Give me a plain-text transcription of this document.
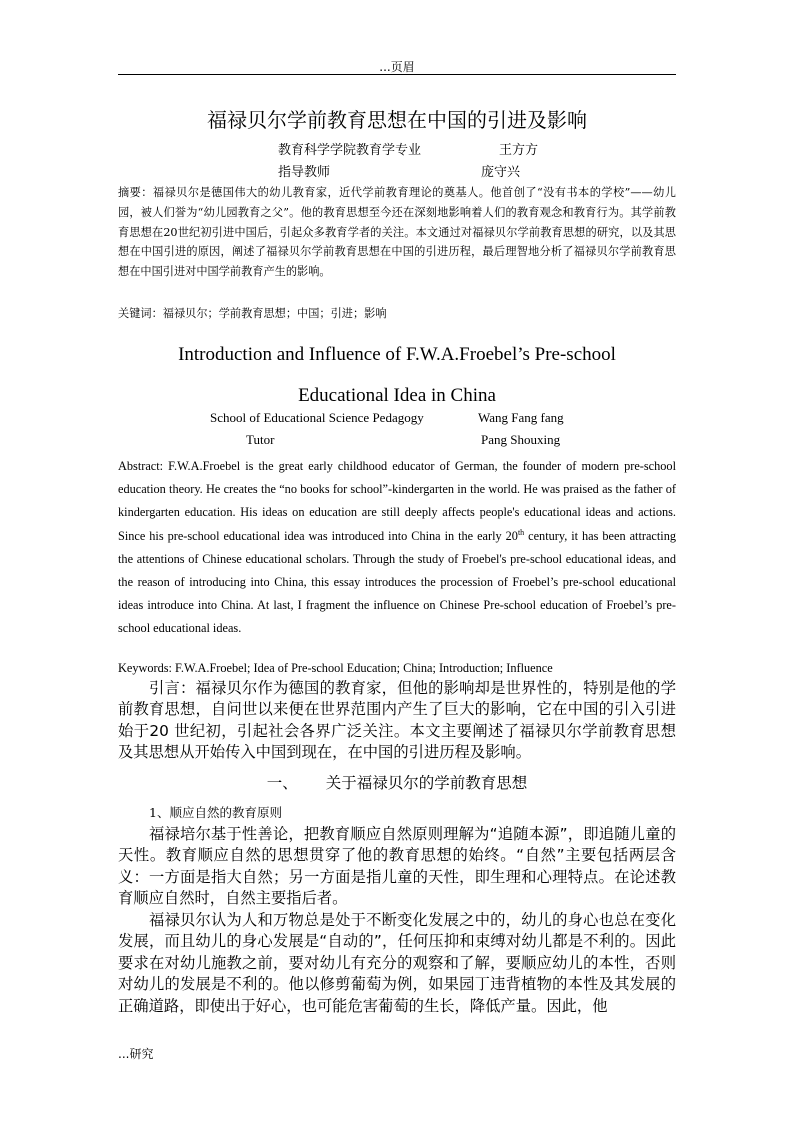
...页眉
福禄贝尔学前教育思想在中国的引进及影响
教育科学学院教育学专业	王方方
指导教师	庞守兴
摘要：福禄贝尔是德国伟大的幼儿教育家，近代学前教育理论的奠基人。他首创了“没有书本的学校”——幼儿园，被人们誉为“幼儿园教育之父”。他的教育思想至今还在深刻地影响着人们的教育观念和教育行为。其学前教育思想在20世纪初引进中国后，引起众多教育学者的关注。本文通过对福禄贝尔学前教育思想的研究，以及其思想在中国引进的原因，阐述了福禄贝尔学前教育思想在中国的引进历程，最后理智地分析了福禄贝尔学前教育思想在中国引进对中国学前教育产生的影响。
关键词：福禄贝尔；学前教育思想；中国；引进；影响
Introduction and Influence of F.W.A.Froebel’s Pre-school
Educational Idea in China
School of Educational Science Pedagogy	Wang Fang fang
Tutor	Pang Shouxing
Abstract: F.W.A.Froebel is the great early childhood educator of German, the founder of modern pre-school education theory. He creates the “no books for school”-kindergarten in the world. He was praised as the father of kindergarten education. His ideas on education are still deeply affects people's educational ideas and actions. Since his pre-school educational idea was introduced into China in the early 20th century, it has been attracting the attentions of Chinese educational scholars. Through the study of Froebel's pre-school educational ideas, and the reason of introducing into China, this essay introduces the procession of Froebel’s pre-school educational ideas introduce into China. At last, I fragment the influence on Chinese Pre-school education of Froebel’s pre-school educational ideas.
Keywords: F.W.A.Froebel; Idea of Pre-school Education; China; Introduction; Influence
引言：福禄贝尔作为德国的教育家，但他的影响却是世界性的，特别是他的学前教育思想，自问世以来便在世界范围内产生了巨大的影响，它在中国的引入引进始于20 世纪初，引起社会各界广泛关注。本文主要阐述了福禄贝尔学前教育思想及其思想从开始传入中国到现在，在中国的引进历程及影响。
一、 关于福禄贝尔的学前教育思想
1、顺应自然的教育原则
福禄培尔基于性善论，把教育顺应自然原则理解为“追随本源”，即追随儿童的天性。教育顺应自然的思想贯穿了他的教育思想的始终。“自然”主要包括两层含义：一方面是指大自然；另一方面是指儿童的天性，即生理和心理特点。在论述教育顺应自然时，自然主要指后者。
福禄贝尔认为人和万物总是处于不断变化发展之中的，幼儿的身心也总在变化发展，而且幼儿的身心发展是“自动的”，任何压抑和束缚对幼儿都是不利的。因此要求在对幼儿施教之前，要对幼儿有充分的观察和了解，要顺应幼儿的本性，否则对幼儿的发展是不利的。他以修剪葡萄为例，如果园丁违背植物的本性及其发展的正确道路，即使出于好心，也可能危害葡萄的生长，降低产量。因此，他
...研究
